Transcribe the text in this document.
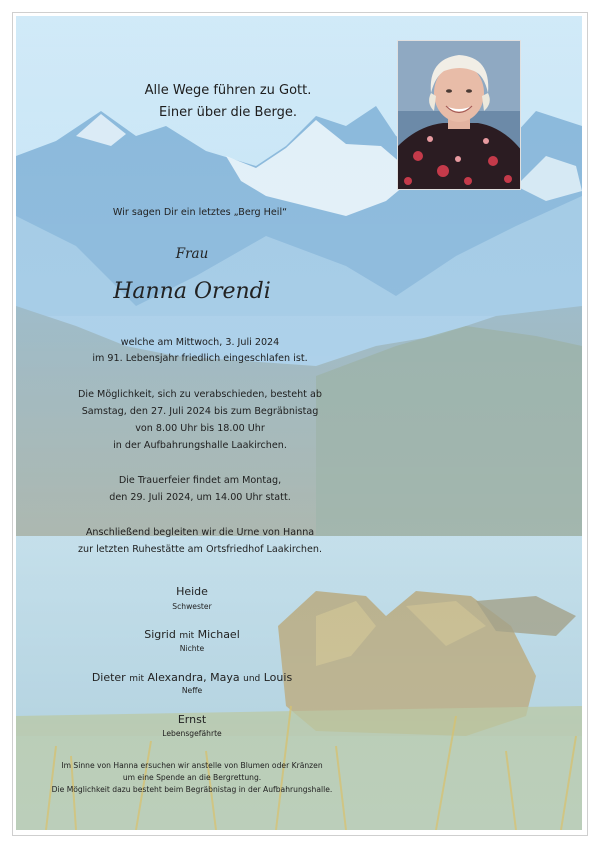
Alle Wege führen zu Gott.
Einer über die Berge.
Wir sagen Dir ein letztes „Berg Heil“
Frau
Hanna Orendi
welche am Mittwoch, 3. Juli 2024
im 91. Lebensjahr friedlich eingeschlafen ist.
Die Möglichkeit, sich zu verabschieden, besteht ab
Samstag, den 27. Juli 2024 bis zum Begräbnistag
von 8.00 Uhr bis 18.00 Uhr
in der Aufbahrungshalle Laakirchen.
Die Trauerfeier findet am Montag,
den 29. Juli 2024, um 14.00 Uhr statt.
Anschließend begleiten wir die Urne von Hanna
zur letzten Ruhestätte am Ortsfriedhof Laakirchen.
Heide
Schwester
Sigrid mit Michael
Nichte
Dieter mit Alexandra, Maya und Louis
Neffe
Ernst
Lebensgefährte
Im Sinne von Hanna ersuchen wir anstelle von Blumen oder Kränzen
um eine Spende an die Bergrettung.
Die Möglichkeit dazu besteht beim Begräbnistag in der Aufbahrungshalle.
